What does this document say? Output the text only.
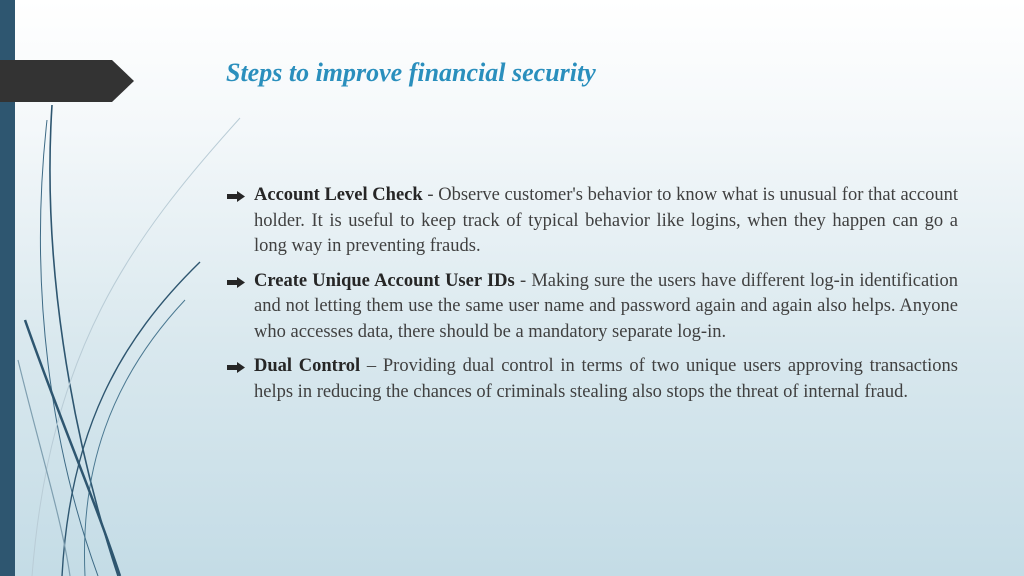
Steps to improve financial security
Account Level Check - Observe customer's behavior to know what is unusual for that account holder. It is useful to keep track of typical behavior like logins, when they happen can go a long way in preventing frauds.
Create Unique Account User IDs - Making sure the users have different log-in identification and not letting them use the same user name and password again and again also helps. Anyone who accesses data, there should be a mandatory separate log-in.
Dual Control – Providing dual control in terms of two unique users approving transactions helps in reducing the chances of criminals stealing also stops the threat of internal fraud.
